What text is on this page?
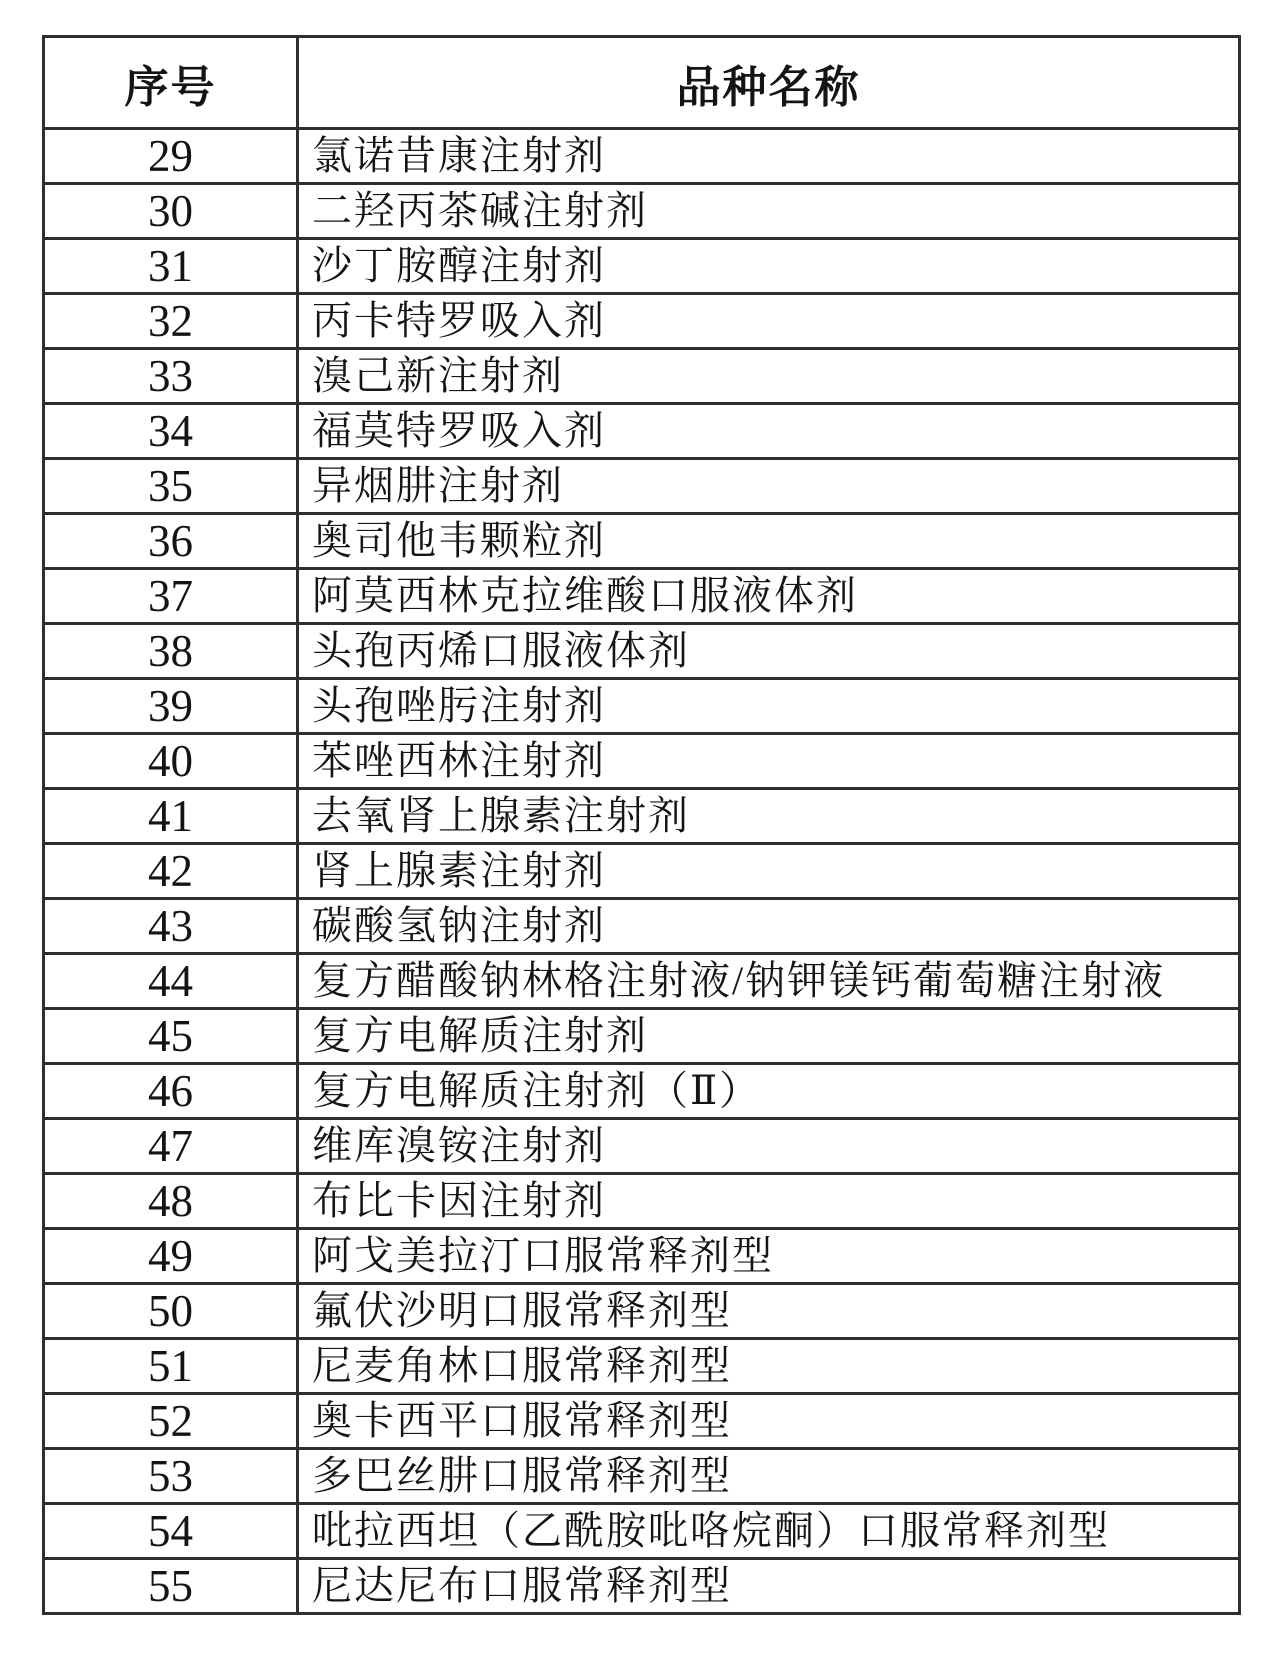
序号	品种名称
29	氯诺昔康注射剂
30	二羟丙茶碱注射剂
31	沙丁胺醇注射剂
32	丙卡特罗吸入剂
33	溴己新注射剂
34	福莫特罗吸入剂
35	异烟肼注射剂
36	奥司他韦颗粒剂
37	阿莫西林克拉维酸口服液体剂
38	头孢丙烯口服液体剂
39	头孢唑肟注射剂
40	苯唑西林注射剂
41	去氧肾上腺素注射剂
42	肾上腺素注射剂
43	碳酸氢钠注射剂
44	复方醋酸钠林格注射液/钠钾镁钙葡萄糖注射液
45	复方电解质注射剂
46	复方电解质注射剂（Ⅱ）
47	维库溴铵注射剂
48	布比卡因注射剂
49	阿戈美拉汀口服常释剂型
50	氟伏沙明口服常释剂型
51	尼麦角林口服常释剂型
52	奥卡西平口服常释剂型
53	多巴丝肼口服常释剂型
54	吡拉西坦（乙酰胺吡咯烷酮）口服常释剂型
55	尼达尼布口服常释剂型
